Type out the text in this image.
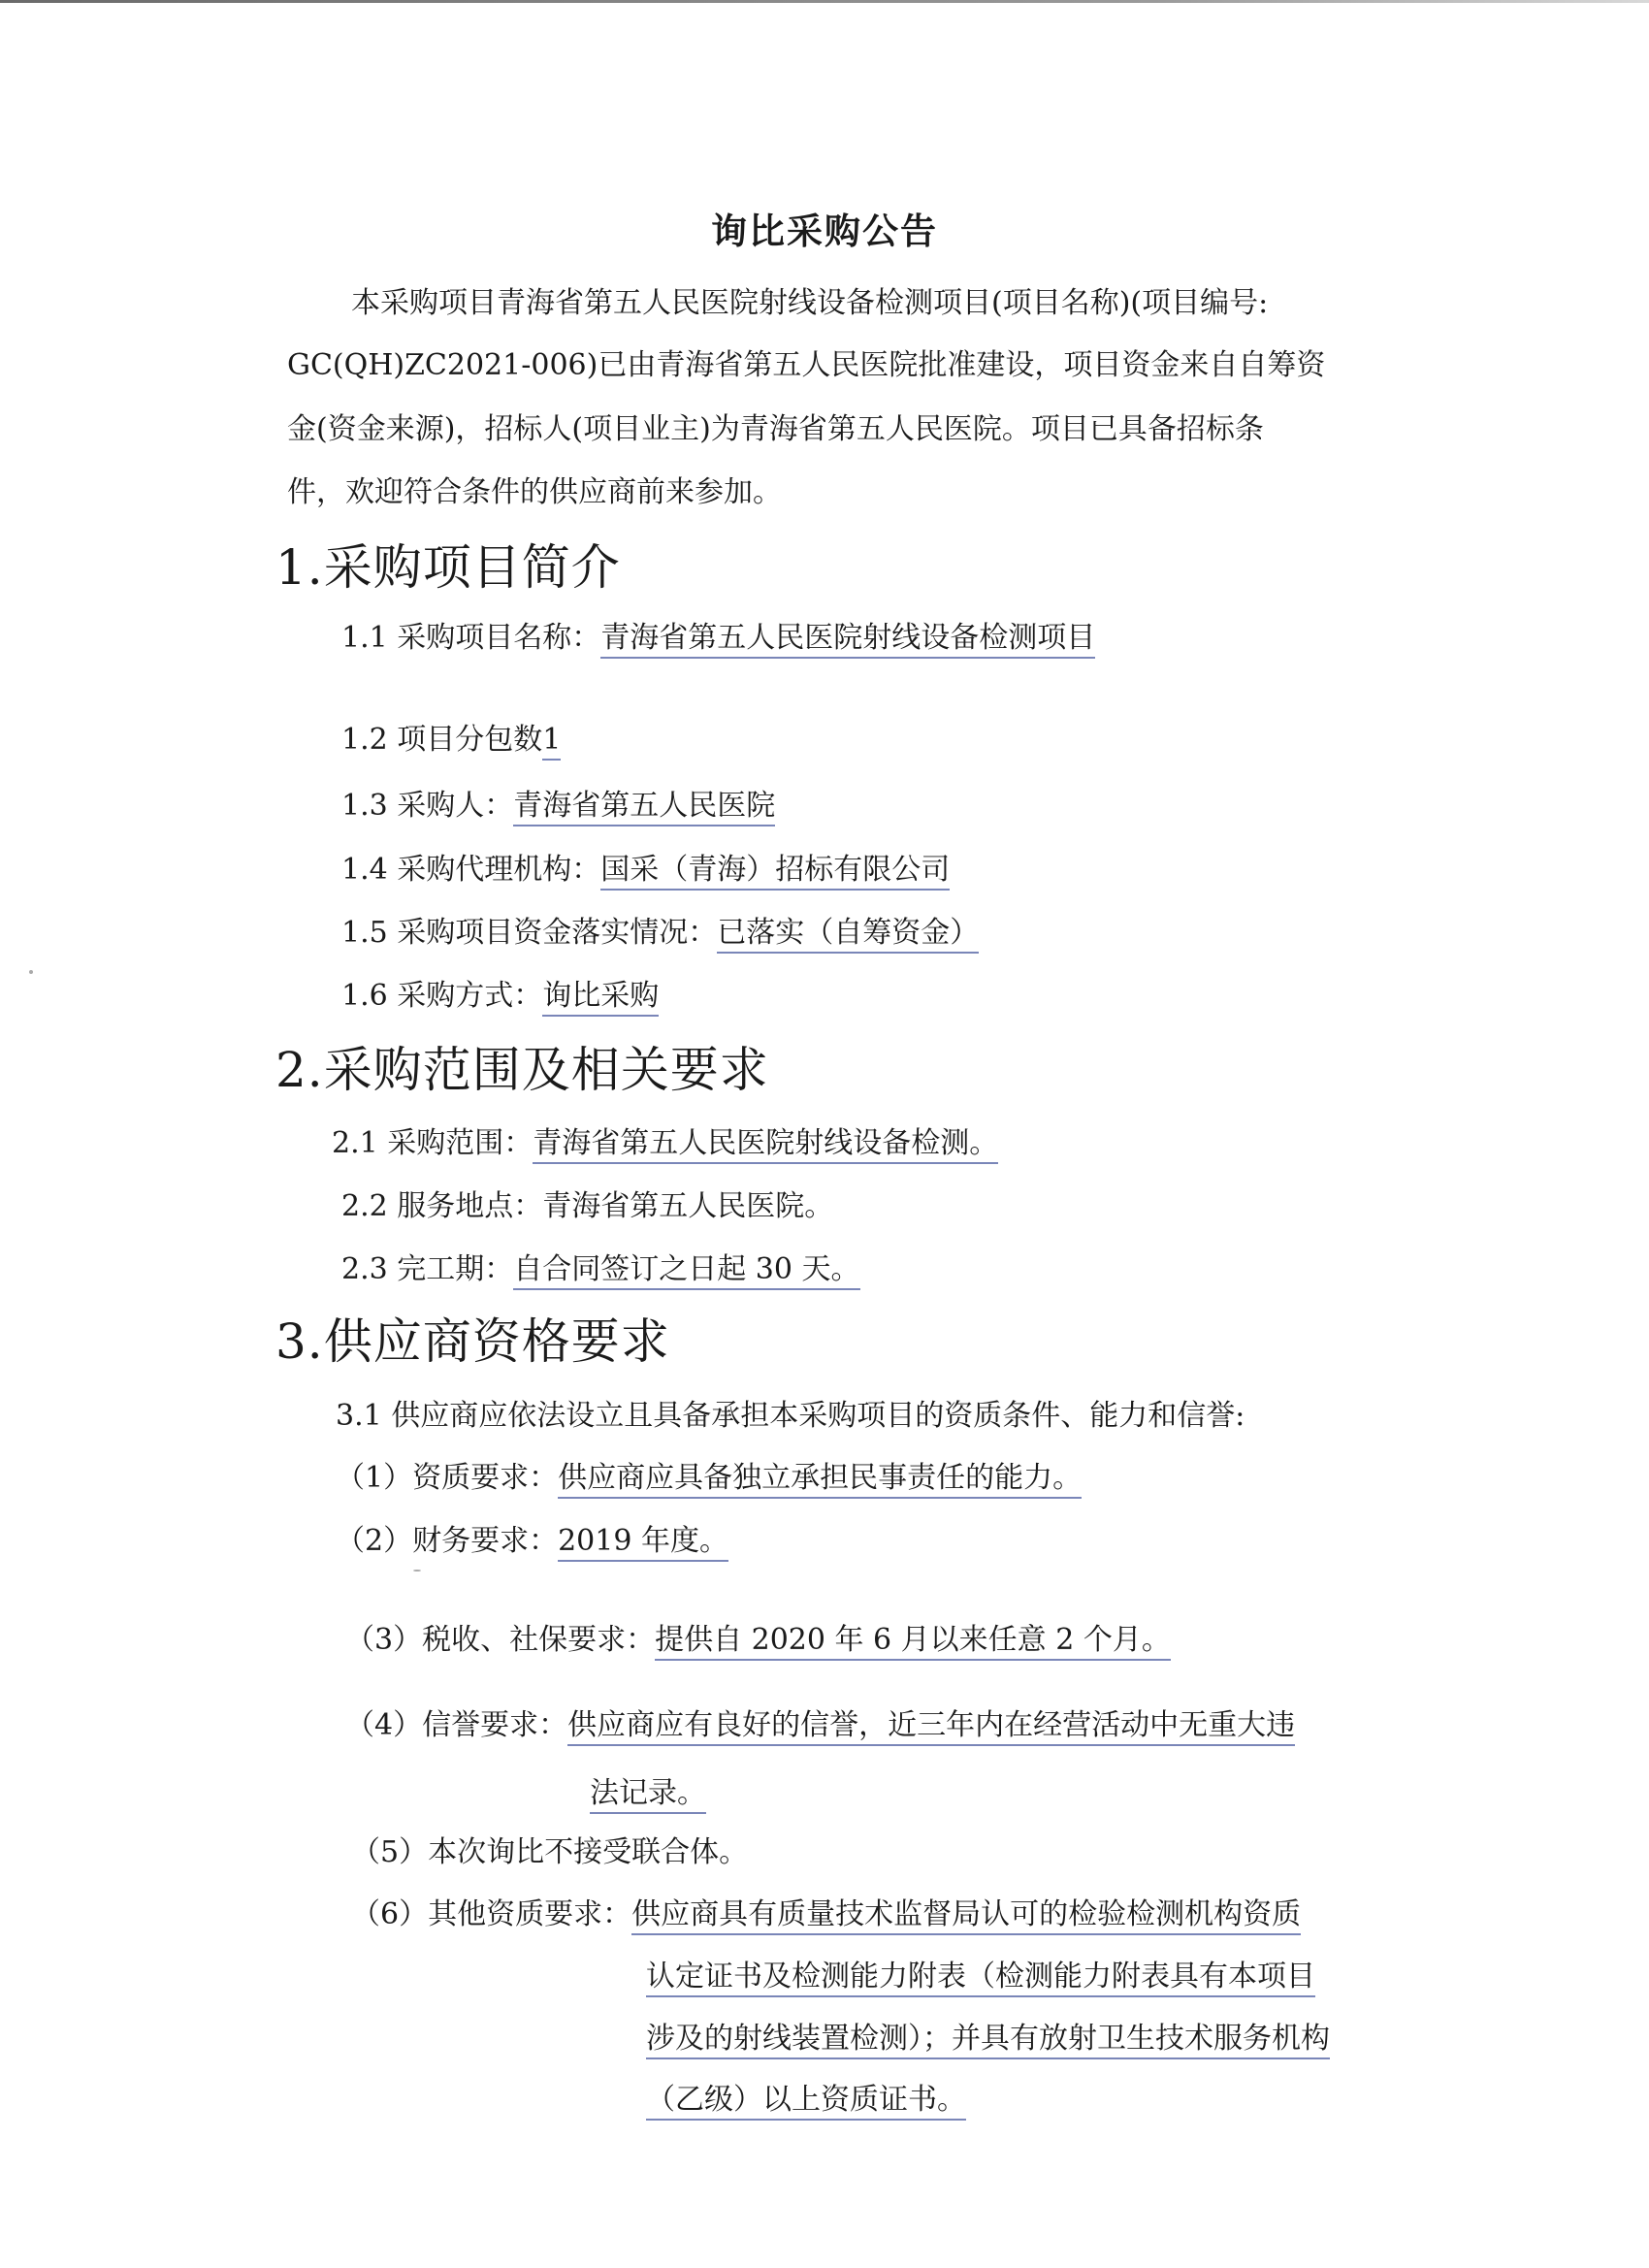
询比采购公告
本采购项目青海省第五人民医院射线设备检测项目(项目名称)(项目编号:
GC(QH)ZC2021-006)已由青海省第五人民医院批准建设，项目资金来自自筹资
金(资金来源)，招标人(项目业主)为青海省第五人民医院。项目已具备招标条
件，欢迎符合条件的供应商前来参加。
1.采购项目简介
1.1 采购项目名称：青海省第五人民医院射线设备检测项目
1.2 项目分包数1
1.3 采购人：青海省第五人民医院
1.4 采购代理机构：国采（青海）招标有限公司
1.5 采购项目资金落实情况：已落实（自筹资金）
1.6 采购方式：询比采购
2.采购范围及相关要求
2.1 采购范围：青海省第五人民医院射线设备检测。
2.2 服务地点：青海省第五人民医院。
2.3 完工期：自合同签订之日起 30 天。
3.供应商资格要求
3.1 供应商应依法设立且具备承担本采购项目的资质条件、能力和信誉:
（1）资质要求：供应商应具备独立承担民事责任的能力。
（2）财务要求：2019 年度。
（3）税收、社保要求：提供自 2020 年 6 月以来任意 2 个月。
（4）信誉要求：供应商应有良好的信誉，近三年内在经营活动中无重大违
法记录。
（5）本次询比不接受联合体。
（6）其他资质要求：供应商具有质量技术监督局认可的检验检测机构资质
认定证书及检测能力附表（检测能力附表具有本项目
涉及的射线装置检测）；并具有放射卫生技术服务机构
（乙级）以上资质证书。
